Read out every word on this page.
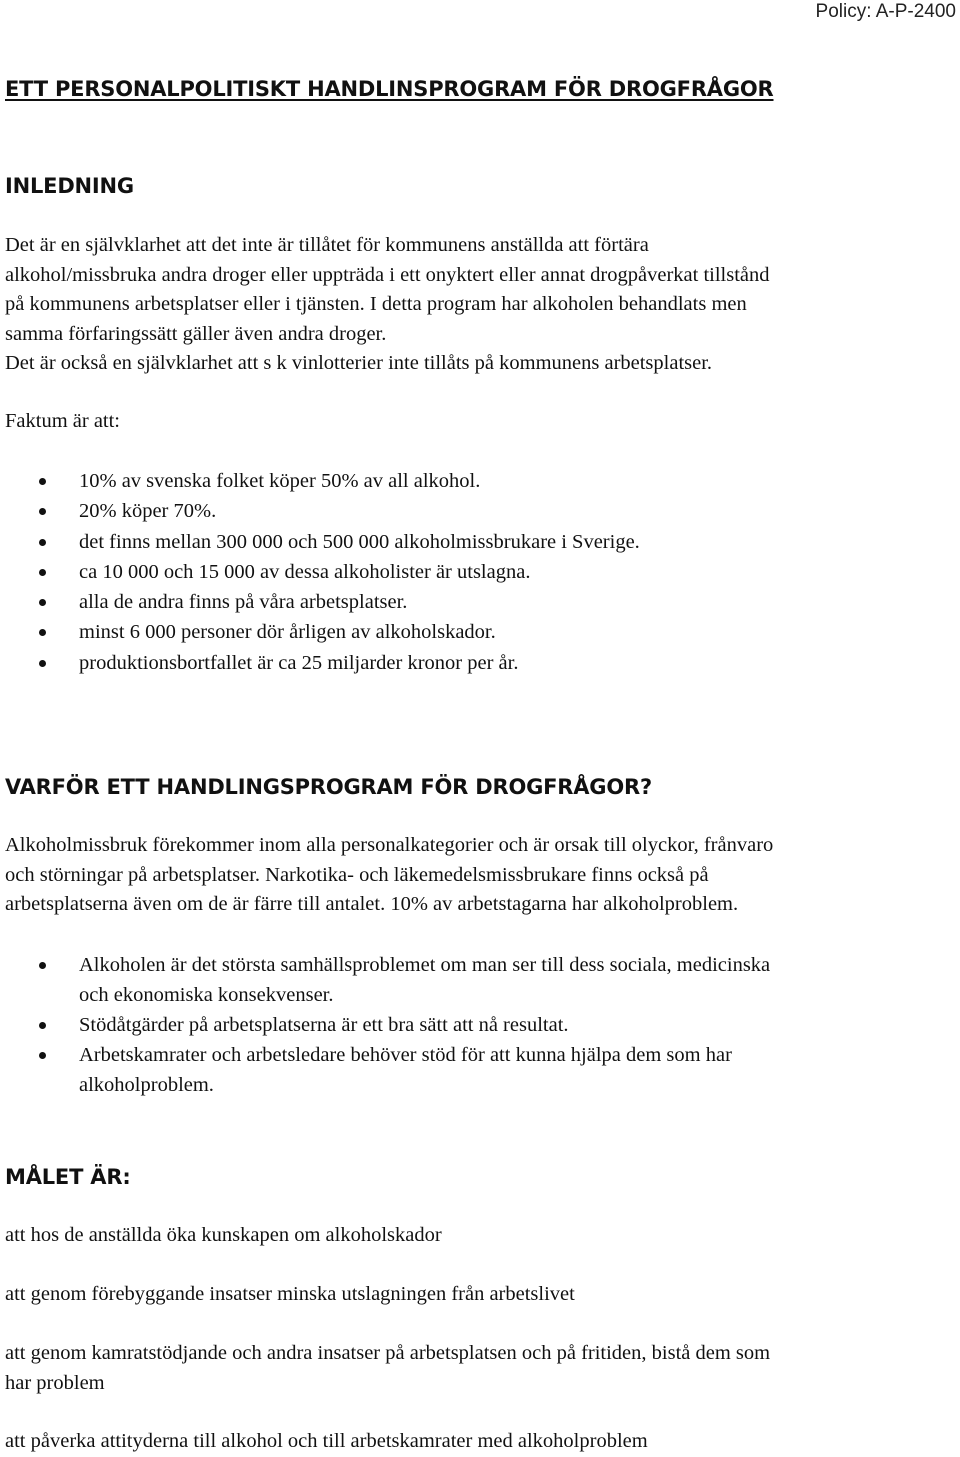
Policy: A-P-2400
ETT PERSONALPOLITISKT HANDLINSPROGRAM FÖR DROGFRÅGOR
INLEDNING

Det är en självklarhet att det inte är tillåtet för kommunens anställda att förtära
alkohol/missbruka andra droger eller uppträda i ett onyktert eller annat drogpåverkat tillstånd
på kommunens arbetsplatser eller i tjänsten. I detta program har alkoholen behandlats men
samma förfaringssätt gäller även andra droger.

Det är också en självklarhet att s k vinlotterier inte tillåts på kommunens arbetsplatser.

Faktum är att:

10% av svenska folket köper 50% av all alkohol.
20% köper 70%.
det finns mellan 300 000 och 500 000 alkoholmissbrukare i Sverige.
ca 10 000 och 15 000 av dessa alkoholister är utslagna.
alla de andra finns på våra arbetsplatser.
minst 6 000 personer dör årligen av alkoholskador.
produktionsbortfallet är ca 25 miljarder kronor per år.
VARFÖR ETT HANDLINGSPROGRAM FÖR DROGFRÅGOR?

Alkoholmissbruk förekommer inom alla personalkategorier och är orsak till olyckor, frånvaro
och störningar på arbetsplatser. Narkotika- och läkemedelsmissbrukare finns också på
arbetsplatserna även om de är färre till antalet. 10% av arbetstagarna har alkoholproblem.

Alkoholen är det största samhällsproblemet om man ser till dess sociala, medicinska
och ekonomiska konsekvenser.
Stödåtgärder på arbetsplatserna är ett bra sätt att nå resultat.
Arbetskamrater och arbetsledare behöver stöd för att kunna hjälpa dem som har
alkoholproblem.
MÅLET ÄR:

att hos de anställda öka kunskapen om alkoholskador

att genom förebyggande insatser minska utslagningen från arbetslivet

att genom kamratstödjande och andra insatser på arbetsplatsen och på fritiden, bistå dem som
har problem

att påverka attityderna till alkohol och till arbetskamrater med alkoholproblem
